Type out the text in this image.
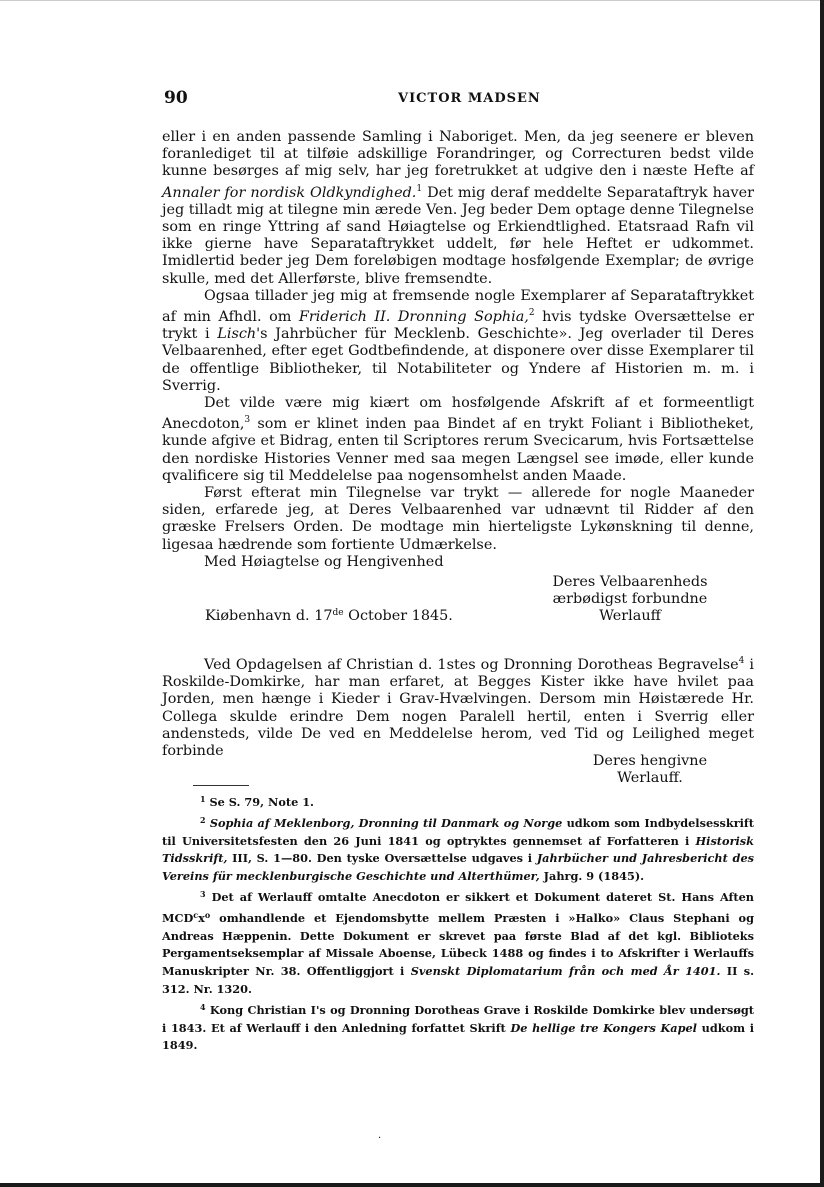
90	VICTOR MADSEN

eller i en anden passende Samling i Naboriget. Men, da jeg seenere er bleven foranlediget til at tilføie adskillige Forandringer, og Correcturen bedst vilde kunne besørges af mig selv, har jeg foretrukket at udgive den i næste Hefte af Annaler for nordisk Oldkyndighed.$^1$ Det mig deraf meddelte Separataftryk haver jeg tilladt mig at tilegne min ærede Ven. Jeg beder Dem optage denne Tilegnelse som en ringe Yttring af sand Høiagtelse og Erkiendtlighed. Etatsraad Rafn vil ikke gierne have Separataftrykket uddelt, før hele Heftet er udkommet. Imidlertid beder jeg Dem foreløbigen modtage hosfølgende Exemplar; de øvrige skulle, med det Allerførste, blive fremsendte.

Ogsaa tillader jeg mig at fremsende nogle Exemplarer af Separataftrykket af min Afhdl. om Friderich II. Dronning Sophia,$^2$ hvis tydske Oversættelse er trykt i Lisch's Jahrbücher für Mecklenb. Geschichte». Jeg overlader til Deres Velbaarenhed, efter eget Godtbefindende, at disponere over disse Exemplarer til de offentlige Bibliotheker, til Notabiliteter og Yndere af Historien m. m. i Sverrig.

Det vilde være mig kiært om hosfølgende Afskrift af et formeentligt Anecdoton,$^3$ som er klinet inden paa Bindet af en trykt Foliant i Bibliotheket, kunde afgive et Bidrag, enten til Scriptores rerum Svecicarum, hvis Fortsættelse den nordiske Histories Venner med saa megen Længsel see imøde, eller kunde qvalificere sig til Meddelelse paa nogensomhelst anden Maade.

Først efterat min Tilegnelse var trykt — allerede for nogle Maaneder siden, erfarede jeg, at Deres Velbaarenhed var udnævnt til Ridder af den græske Frelsers Orden. De modtage min hierteligste Lykønskning til denne, ligesaa hædrende som fortiente Udmærkelse.

Med Høiagtelse og Hengivenhed

Deres Velbaarenheds
ærbødigst forbundne
Werlauff
Kiøbenhavn d. 17de October 1845.

Ved Opdagelsen af Christian d. 1stes og Dronning Dorotheas Begravelse$^4$ i Roskilde-Domkirke, har man erfaret, at Begges Kister ikke have hvilet paa Jorden, men hænge i Kieder i Grav-Hvælvingen. Dersom min Høistærede Hr. Collega skulde erindre Dem nogen Paralell hertil, enten i Sverrig eller andensteds, vilde De ved en Meddelelse herom, ved Tid og Leilighed meget forbinde

Deres hengivne
Werlauff.

$^1$ Se S. 79, Note 1.

$^2$ Sophia af Meklenborg, Dronning til Danmark og Norge udkom som Indbydelsesskrift til Universitetsfesten den 26 Juni 1841 og optryktes gennemset af Forfatteren i Historisk Tidsskrift, III, S. 1—80. Den tyske Oversættelse udgaves i Jahrbücher und Jahresbericht des Vereins für mecklenburgische Geschichte und Alterthümer, Jahrg. 9 (1845).

$^3$ Det af Werlauff omtalte Anecdoton er sikkert et Dokument dateret St. Hans Aften $MCD^cx^o$ omhandlende et Ejendomsbytte mellem Præsten i »Halko» Claus Stephani og Andreas Hæppenin. Dette Dokument er skrevet paa første Blad af det kgl. Biblioteks Pergamentseksemplar af Missale Aboense, Lübeck 1488 og findes i to Afskrifter i Werlauffs Manuskripter Nr. 38. Offentliggjort i Svenskt Diplomatarium från och med År 1401. II s. 312. Nr. 1320.

$^4$ Kong Christian I's og Dronning Dorotheas Grave i Roskilde Domkirke blev undersøgt i 1843. Et af Werlauff i den Anledning forfattet Skrift De hellige tre Kongers Kapel udkom i 1849.

·
